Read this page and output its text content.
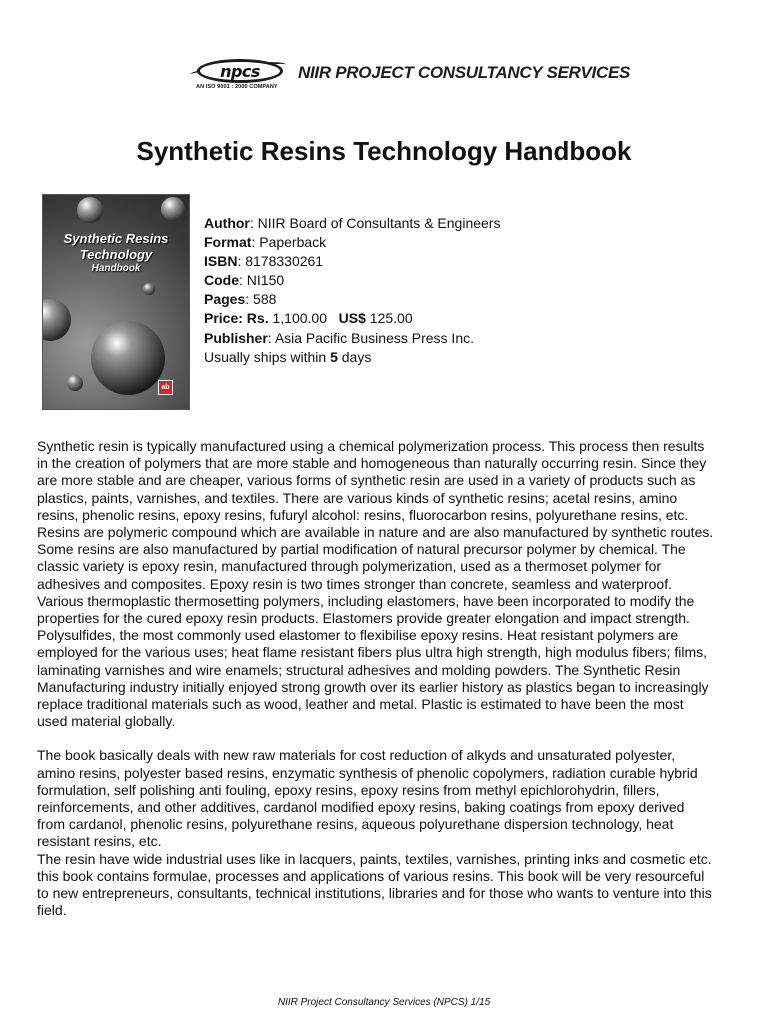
npcs
AN ISO 9001 : 2000 COMPANY
NIIR PROJECT CONSULTANCY SERVICES
Synthetic Resins Technology Handbook
Synthetic Resins
Technology
Handbook
ab
Author: NIIR Board of Consultants & Engineers
Format: Paperback
ISBN: 8178330261
Code: NI150
Pages: 588
Price: Rs. 1,100.00 US$ 125.00
Publisher: Asia Pacific Business Press Inc.
Usually ships within 5 days

Synthetic resin is typically manufactured using a chemical polymerization process. This process then results

in the creation of polymers that are more stable and homogeneous than naturally occurring resin. Since they

are more stable and are cheaper, various forms of synthetic resin are used in a variety of products such as

plastics, paints, varnishes, and textiles. There are various kinds of synthetic resins; acetal resins, amino

resins, phenolic resins, epoxy resins, fufuryl alcohol: resins, fluorocarbon resins, polyurethane resins, etc.

Resins are polymeric compound which are available in nature and are also manufactured by synthetic routes.

Some resins are also manufactured by partial modification of natural precursor polymer by chemical. The

classic variety is epoxy resin, manufactured through polymerization, used as a thermoset polymer for

adhesives and composites. Epoxy resin is two times stronger than concrete, seamless and waterproof.

Various thermoplastic thermosetting polymers, including elastomers, have been incorporated to modify the

properties for the cured epoxy resin products. Elastomers provide greater elongation and impact strength.

Polysulfides, the most commonly used elastomer to flexibilise epoxy resins. Heat resistant polymers are

employed for the various uses; heat flame resistant fibers plus ultra high strength, high modulus fibers; films,

laminating varnishes and wire enamels; structural adhesives and molding powders. The Synthetic Resin

Manufacturing industry initially enjoyed strong growth over its earlier history as plastics began to increasingly

replace traditional materials such as wood, leather and metal. Plastic is estimated to have been the most

used material globally.

The book basically deals with new raw materials for cost reduction of alkyds and unsaturated polyester,

amino resins, polyester based resins, enzymatic synthesis of phenolic copolymers, radiation curable hybrid

formulation, self polishing anti fouling, epoxy resins, epoxy resins from methyl epichlorohydrin, fillers,

reinforcements, and other additives, cardanol modified epoxy resins, baking coatings from epoxy derived

from cardanol, phenolic resins, polyurethane resins, aqueous polyurethane dispersion technology, heat

resistant resins, etc.

The resin have wide industrial uses like in lacquers, paints, textiles, varnishes, printing inks and cosmetic etc.

this book contains formulae, processes and applications of various resins. This book will be very resourceful

to new entrepreneurs, consultants, technical institutions, libraries and for those who wants to venture into this

field.

NIIR Project Consultancy Services (NPCS) 1/15
